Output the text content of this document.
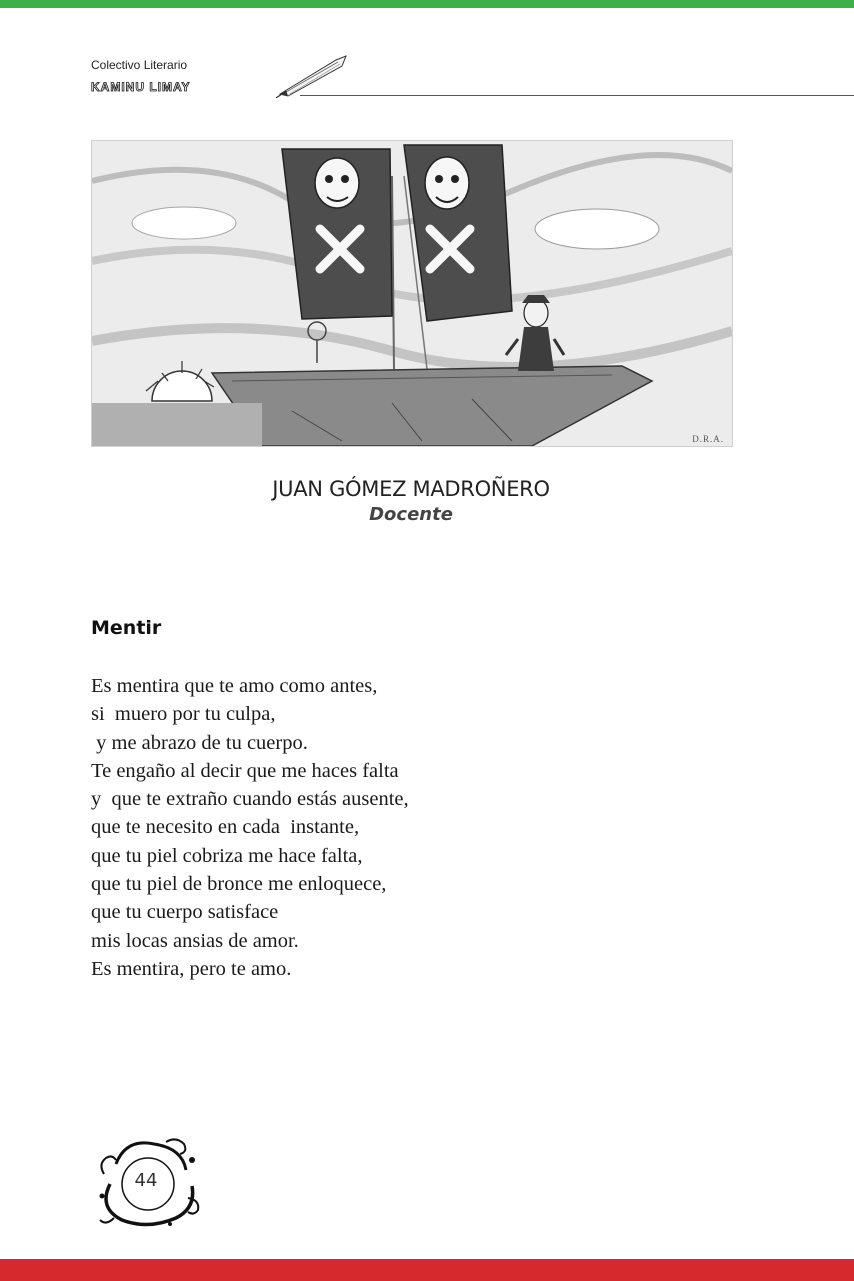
Colectivo Literario
KAMINU LIMAY
D.R.A.
JUAN GÓMEZ MADROÑERO
Docente
Mentir
Es mentira que te amo como antes,
si  muero por tu culpa,
y me abrazo de tu cuerpo.
Te engaño al decir que me haces falta
y  que te extraño cuando estás ausente,
que te necesito en cada  instante,
que tu piel cobriza me hace falta,
que tu piel de bronce me enloquece,
que tu cuerpo satisface
mis locas ansias de amor.
Es mentira, pero te amo.
44
